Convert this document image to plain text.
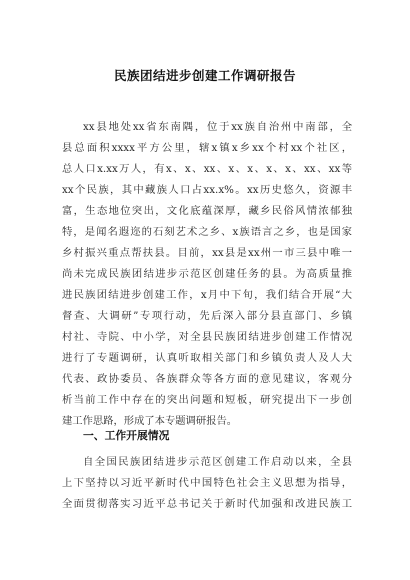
民族团结进步创建工作调研报告
xx县地处xx省东南隅，位于xx族自治州中南部，全
县总面积xxxx平方公里，辖x镇x乡xx个村xx个社区，
总人口x.xx万人，有x、x、xx、x、x、x、x、xx、xx等
xx个民族，其中藏族人口占xx.x%。xx历史悠久，资源丰
富，生态地位突出，文化底蕴深厚，藏乡民俗风情浓郁独
特，是闻名遐迩的石刻艺术之乡、x族语言之乡，也是国家
乡村振兴重点帮扶县。目前，xx县是xx州一市三县中唯一
尚未完成民族团结进步示范区创建任务的县。为高质量推
进民族团结进步创建工作，x月中下旬，我们结合开展“大
督查、大调研”专项行动，先后深入部分县直部门、乡镇
村社、寺院、中小学，对全县民族团结进步创建工作情况
进行了专题调研，认真听取相关部门和乡镇负责人及人大
代表、政协委员、各族群众等各方面的意见建议，客观分
析当前工作中存在的突出问题和短板，研究提出下一步创
建工作思路，形成了本专题调研报告。
一、工作开展情况
自全国民族团结进步示范区创建工作启动以来，全县
上下坚持以习近平新时代中国特色社会主义思想为指导，
全面贯彻落实习近平总书记关于新时代加强和改进民族工
